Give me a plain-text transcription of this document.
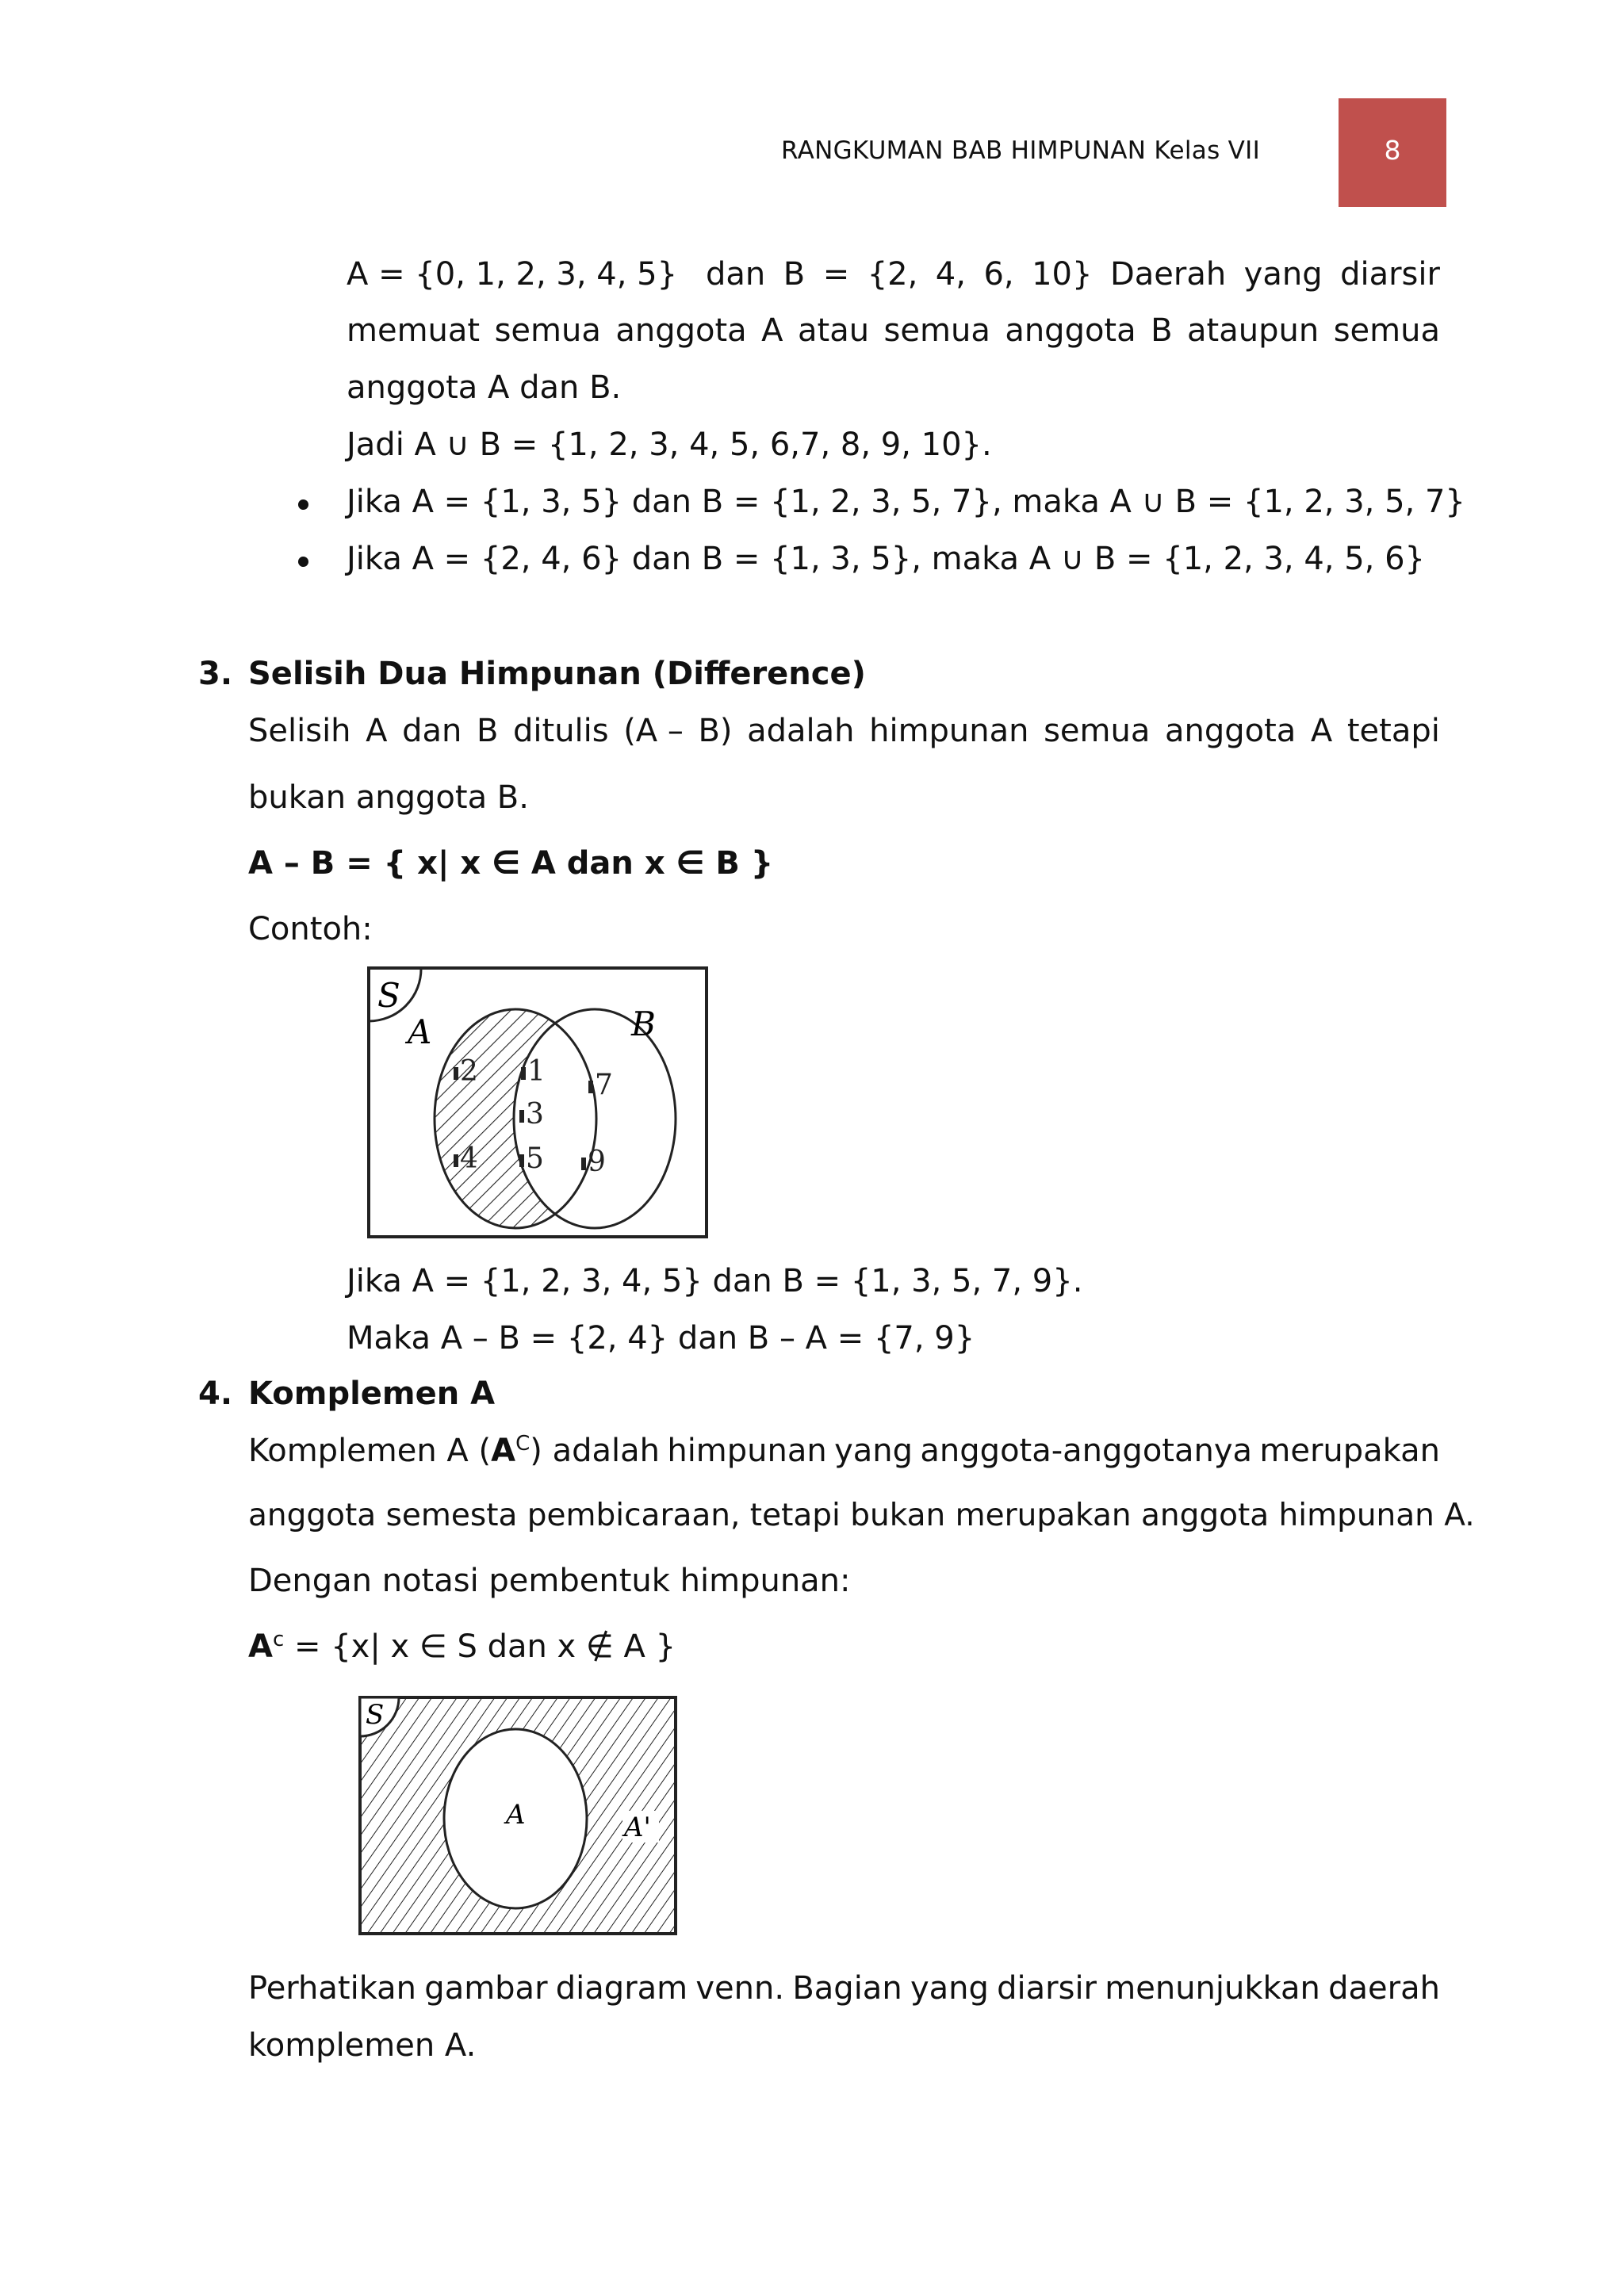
RANGKUMAN BAB HIMPUNAN Kelas VII	8
A = {0, 1, 2, 3, 4, 5} dan B = {2, 4, 6, 10} Daerah yang diarsir
memuat semua anggota A atau semua anggota B ataupun semua
anggota A dan B.
Jadi A ∪ B = {1, 2, 3, 4, 5, 6,7, 8, 9, 10}.
Jika A = {1, 3, 5} dan B = {1, 2, 3, 5, 7}, maka A ∪ B = {1, 2, 3, 5, 7}
Jika A = {2, 4, 6} dan B = {1, 3, 5}, maka A ∪ B = {1, 2, 3, 4, 5, 6}
3. Selisih Dua Himpunan (Difference)
Selisih A dan B ditulis (A – B) adalah himpunan semua anggota A tetapi
bukan anggota B.
A – B = { x| x ∈ A dan x ∈ B }
Contoh:
S
A	B
2
4
1
3
5
7
9
Jika A = {1, 2, 3, 4, 5} dan B = {1, 3, 5, 7, 9}.
Maka A – B = {2, 4} dan B – A = {7, 9}
4. Komplemen A
Komplemen A $(A^C)$ adalah himpunan yang anggota-anggotanya merupakan
anggota semesta pembicaraan, tetapi bukan merupakan anggota himpunan A.
Dengan notasi pembentuk himpunan:
$A^c = \{x|$ x ∈ S dan x ∉ A }
S
A	A'
Perhatikan gambar diagram venn. Bagian yang diarsir menunjukkan daerah
komplemen A.
